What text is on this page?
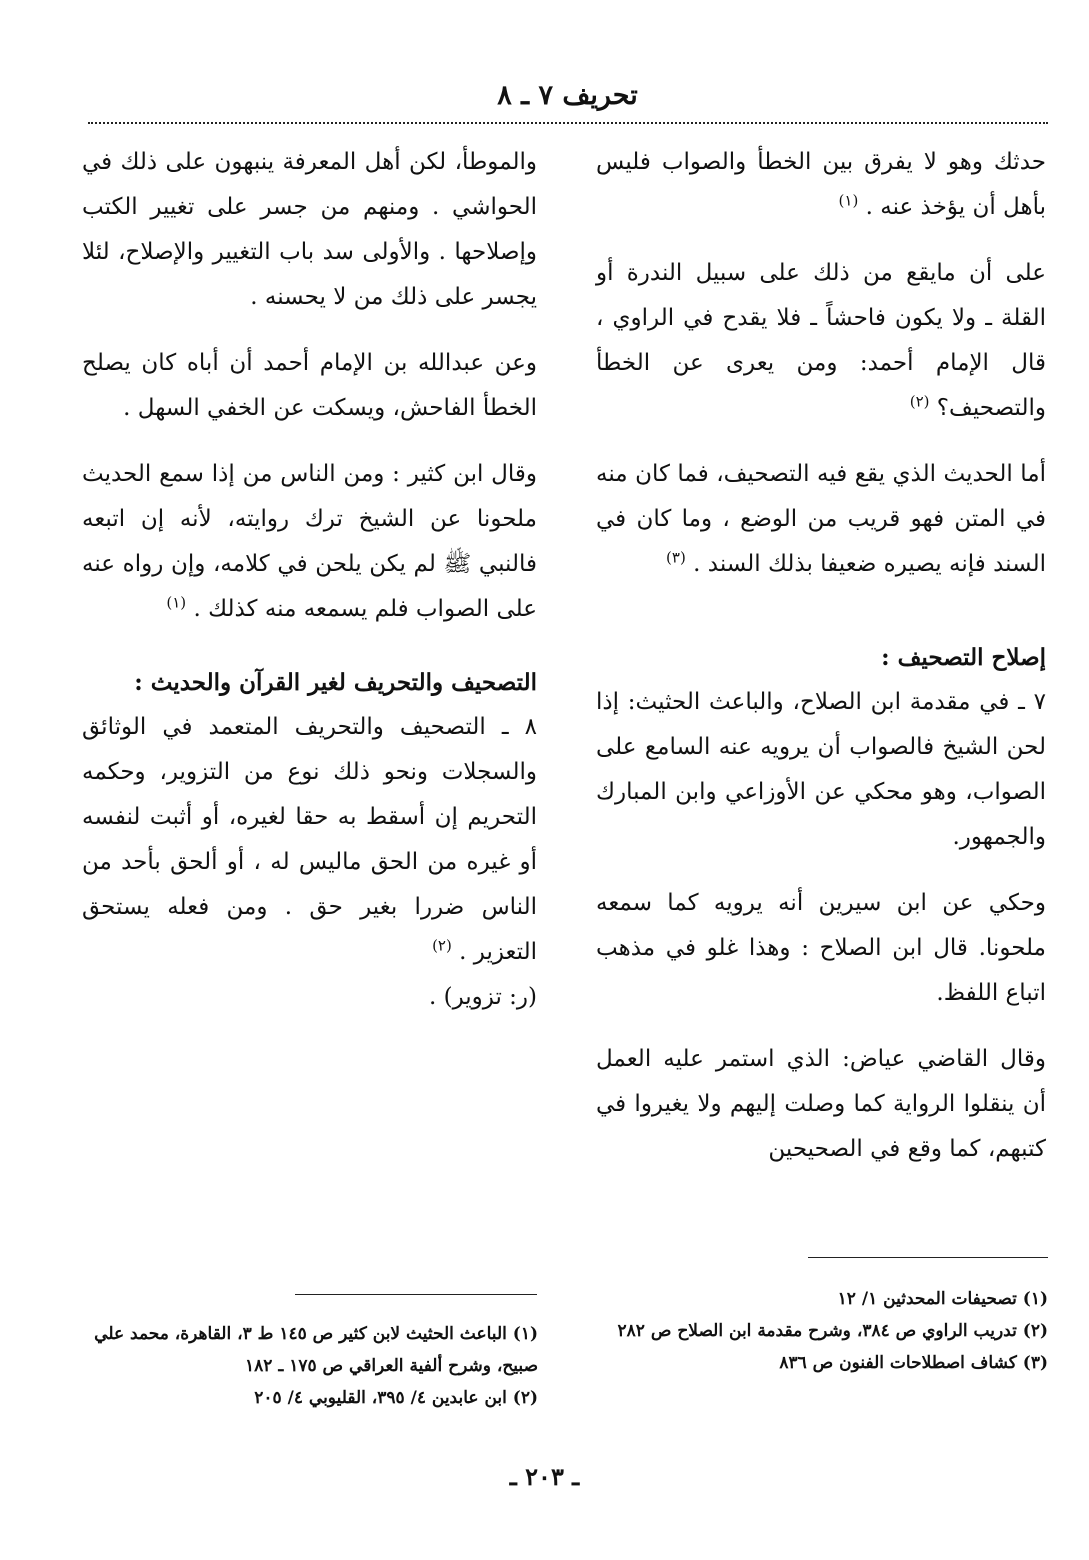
تحريف ٧ ـ ٨

حدثك وهو لا يفرق بين الخطأ والصواب فليس بأهل أن يؤخذ عنه . $^{(١)}$

على أن مايقع من ذلك على سبيل الندرة أو القلة ـ ولا يكون فاحشاً ـ فلا يقدح في الراوي ، قال الإمام أحمد: ومن يعرى عن الخطأ والتصحيف؟ $^{(٢)}$

أما الحديث الذي يقع فيه التصحيف، فما كان منه في المتن فهو قريب من الوضع ، وما كان في السند فإنه يصيره ضعيفا بذلك السند . $^{(٣)}$

إصلاح التصحيف :

٧ ـ في مقدمة ابن الصلاح، والباعث الحثيث: إذا لحن الشيخ فالصواب أن يرويه عنه السامع على الصواب، وهو محكي عن الأوزاعي وابن المبارك والجمهور.

وحكي عن ابن سيرين أنه يرويه كما سمعه ملحونا. قال ابن الصلاح : وهذا غلو في مذهب اتباع اللفظ.

وقال القاضي عياض: الذي استمر عليه العمل أن ينقلوا الرواية كما وصلت إليهم ولا يغيروا في كتبهم، كما وقع في الصحيحين

والموطأ، لكن أهل المعرفة ينبهون على ذلك في الحواشي . ومنهم من جسر على تغيير الكتب وإصلاحها . والأولى سد باب التغيير والإصلاح، لئلا يجسر على ذلك من لا يحسنه .

وعن عبدالله بن الإمام أحمد أن أباه كان يصلح الخطأ الفاحش، ويسكت عن الخفي السهل .

وقال ابن كثير : ومن الناس من إذا سمع الحديث ملحونا عن الشيخ ترك روايته، لأنه إن اتبعه فالنبي ﷺ لم يكن يلحن في كلامه، وإن رواه عنه على الصواب فلم يسمعه منه كذلك . $^{(١)}$

التصحيف والتحريف لغير القرآن والحديث :

٨ ـ التصحيف والتحريف المتعمد في الوثائق والسجلات ونحو ذلك نوع من التزوير، وحكمه التحريم إن أسقط به حقا لغيره، أو أثبت لنفسه أو غيره من الحق ماليس له ، أو ألحق بأحد من الناس ضررا بغير حق . ومن فعله يستحق التعزير . $^{(٢)}$

(ر: تزوير) .

(١) تصحيفات المحدثين ١/ ١٢

(٢) تدريب الراوي ص ٣٨٤، وشرح مقدمة ابن الصلاح ص ٢٨٢

(٣) كشاف اصطلاحات الفنون ص ٨٣٦

(١) الباعث الحثيث لابن كثير ص ١٤٥ ط ٣، القاهرة، محمد علي صبيح، وشرح ألفية العراقي ص ١٧٥ ـ ١٨٢

(٢) ابن عابدين ٤/ ٣٩٥، القليوبي ٤/ ٢٠٥

ـ ٢٠٣ ـ
